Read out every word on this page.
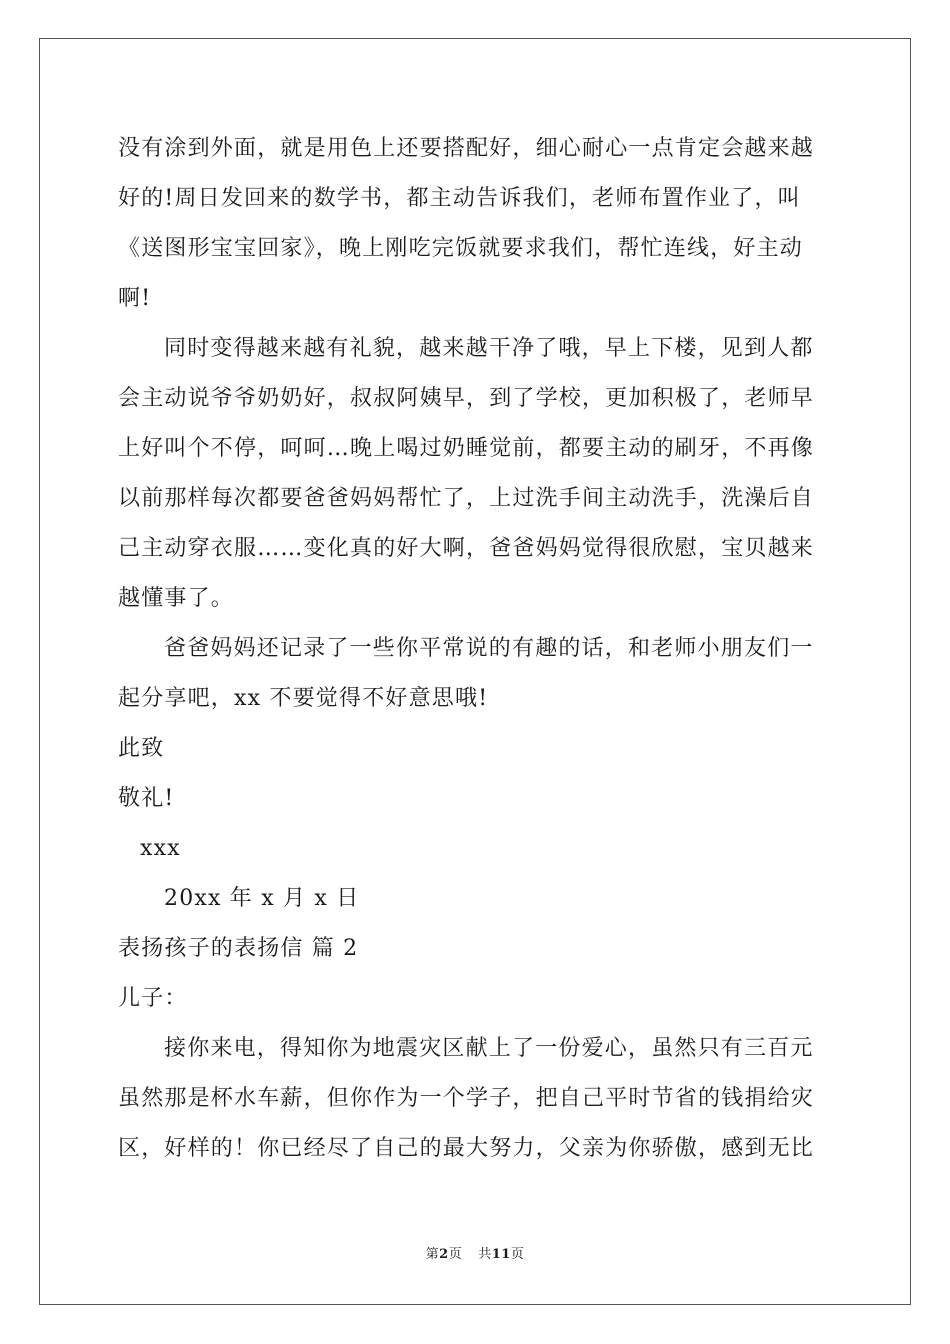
没有涂到外面，就是用色上还要搭配好，细心耐心一点肯定会越来越
好的!周日发回来的数学书，都主动告诉我们，老师布置作业了，叫
《送图形宝宝回家》，晚上刚吃完饭就要求我们，帮忙连线，好主动
啊!
同时变得越来越有礼貌，越来越干净了哦，早上下楼，见到人都
会主动说爷爷奶奶好，叔叔阿姨早，到了学校，更加积极了，老师早
上好叫个不停，呵呵…晚上喝过奶睡觉前，都要主动的刷牙，不再像
以前那样每次都要爸爸妈妈帮忙了，上过洗手间主动洗手，洗澡后自
己主动穿衣服……变化真的好大啊，爸爸妈妈觉得很欣慰，宝贝越来
越懂事了。
爸爸妈妈还记录了一些你平常说的有趣的话，和老师小朋友们一
起分享吧，xx 不要觉得不好意思哦!
此致
敬礼!
xxx
20xx 年 x 月 x 日
表扬孩子的表扬信 篇 2
儿子：
接你来电，得知你为地震灾区献上了一份爱心，虽然只有三百元
虽然那是杯水车薪，但你作为一个学子，把自己平时节省的钱捐给灾
区，好样的！你已经尽了自己的最大努力，父亲为你骄傲，感到无比
第2页 共11页
